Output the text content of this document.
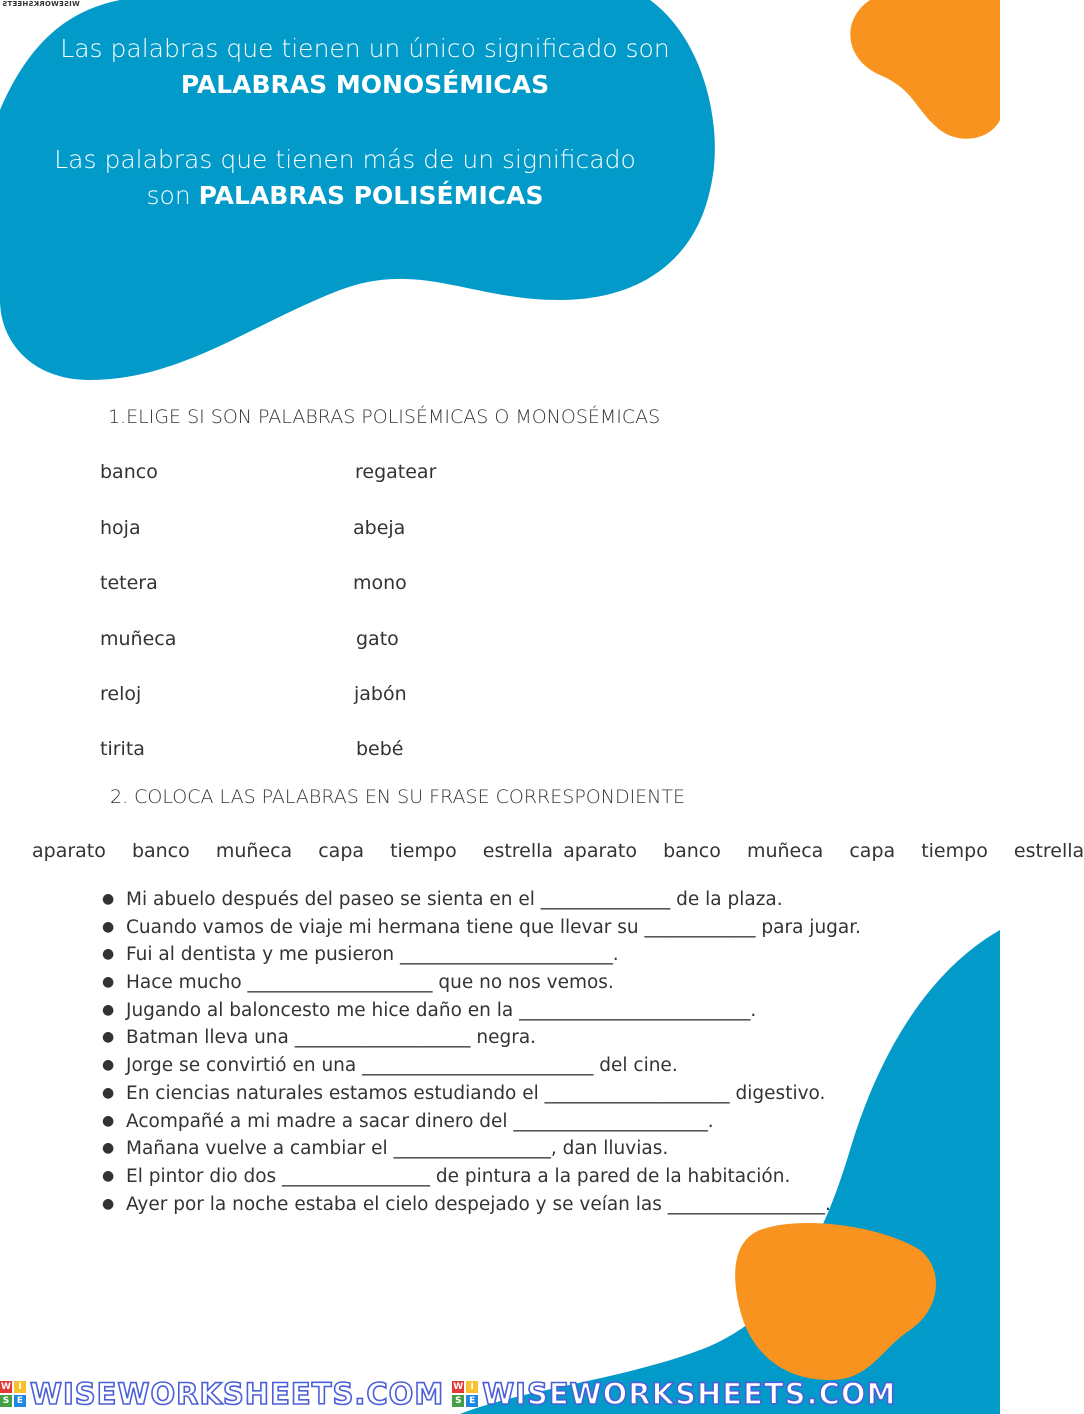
WISEWORKSHEETS
Las palabras que tienen un único significado son
PALABRAS MONOSÉMICAS
Las palabras que tienen más de un significado
son PALABRAS POLISÉMICAS
1.ELIGE SI SON PALABRAS POLISÉMICAS O MONOSÉMICAS
banco	regatear
hoja	abeja
tetera	mono
muñeca	gato
reloj	jabón
tirita	bebé
2. COLOCA LAS PALABRAS EN SU FRASE CORRESPONDIENTE
aparato banco muñeca capa tiempo estrella aparato banco muñeca capa tiempo estrella
● Mi abuelo después del paseo se sienta en el ______________ de la plaza.
● Cuando vamos de viaje mi hermana tiene que llevar su ____________ para jugar.
● Fui al dentista y me pusieron _______________________.
● Hace mucho ____________________ que no nos vemos.
● Jugando al baloncesto me hice daño en la _________________________.
● Batman lleva una ___________________ negra.
● Jorge se convirtió en una _________________________ del cine.
● En ciencias naturales estamos estudiando el ____________________ digestivo.
● Acompañé a mi madre a sacar dinero del _____________________.
● Mañana vuelve a cambiar el _________________, dan lluvias.
● El pintor dio dos ________________ de pintura a la pared de la habitación.
● Ayer por la noche estaba el cielo despejado y se veían las _________________.
W I
S E WISEWORKSHEETS.COM W I
S E WISEWORKSHEETS.COM
